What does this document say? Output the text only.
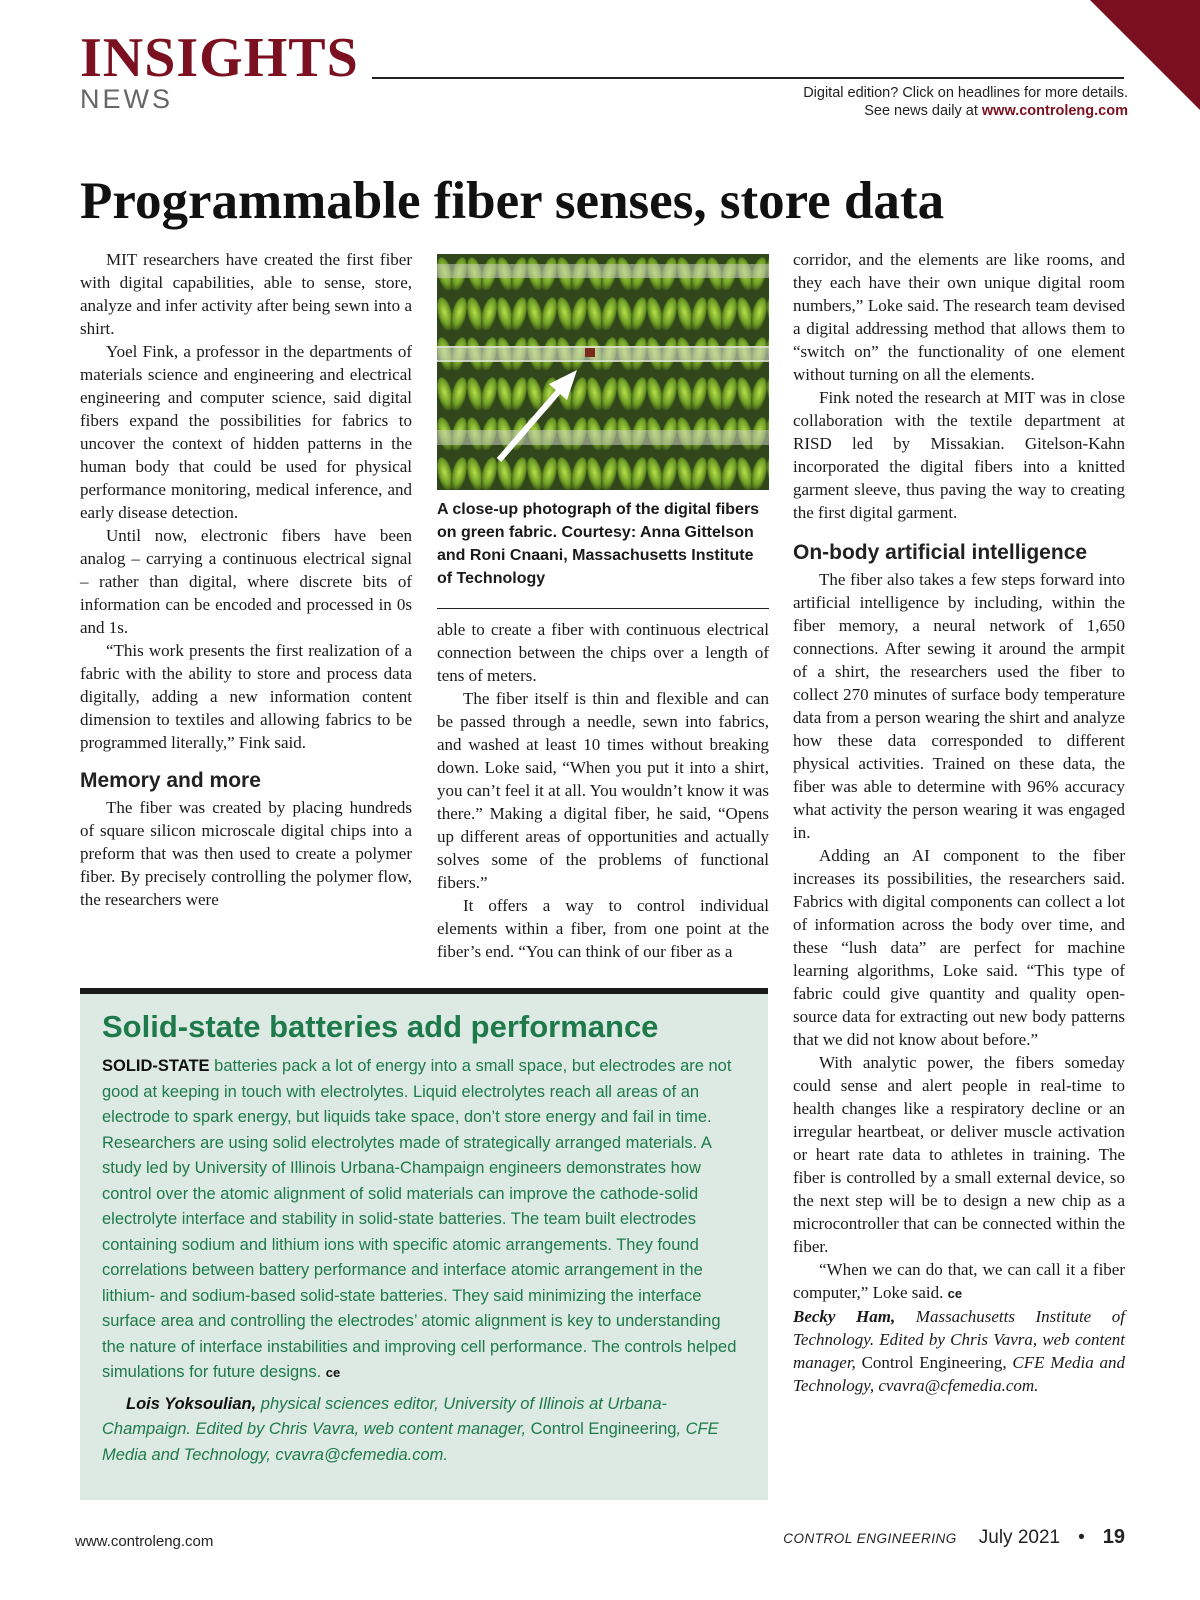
INSIGHTS
NEWS	Digital edition? Click on headlines for more details.
See news daily at www.controleng.com
Programmable fiber senses, store data

MIT researchers have created the first fiber with digital capabilities, able to sense, store, analyze and infer activity after being sewn into a shirt.

Yoel Fink, a professor in the departments of materials science and engineering and electrical engineering and computer science, said digital fibers expand the possibilities for fabrics to uncover the context of hidden patterns in the human body that could be used for physical performance monitoring, medical inference, and early disease detection.

Until now, electronic fibers have been analog – carrying a continuous electrical signal – rather than digital, where discrete bits of information can be encoded and processed in 0s and 1s.

“This work presents the first realization of a fabric with the ability to store and process data digitally, adding a new information content dimension to textiles and allowing fabrics to be programmed literally,” Fink said.

Memory and more

The fiber was created by placing hundreds of square silicon microscale digital chips into a preform that was then used to create a polymer fiber. By precisely controlling the polymer flow, the researchers were

A close-up photograph of the digital fibers on green fabric. Courtesy: Anna Gittelson and Roni Cnaani, Massachusetts Institute of Technology

able to create a fiber with continuous electrical connection between the chips over a length of tens of meters.

The fiber itself is thin and flexible and can be passed through a needle, sewn into fabrics, and washed at least 10 times without breaking down. Loke said, “When you put it into a shirt, you can’t feel it at all. You wouldn’t know it was there.” Making a digital fiber, he said, “Opens up different areas of opportunities and actually solves some of the problems of functional fibers.”

It offers a way to control individual elements within a fiber, from one point at the fiber’s end. “You can think of our fiber as a

corridor, and the elements are like rooms, and they each have their own unique digital room numbers,” Loke said. The research team devised a digital addressing method that allows them to “switch on” the functionality of one element without turning on all the elements.

Fink noted the research at MIT was in close collaboration with the textile department at RISD led by Missakian. Gitelson-Kahn incorporated the digital fibers into a knitted garment sleeve, thus paving the way to creating the first digital garment.

On-body artificial intelligence

The fiber also takes a few steps forward into artificial intelligence by including, within the fiber memory, a neural network of 1,650 connections. After sewing it around the armpit of a shirt, the researchers used the fiber to collect 270 minutes of surface body temperature data from a person wearing the shirt and analyze how these data corresponded to different physical activities. Trained on these data, the fiber was able to determine with 96% accuracy what activity the person wearing it was engaged in.

Adding an AI component to the fiber increases its possibilities, the researchers said. Fabrics with digital components can collect a lot of information across the body over time, and these “lush data” are perfect for machine learning algorithms, Loke said. “This type of fabric could give quantity and quality open-source data for extracting out new body patterns that we did not know about before.”

With analytic power, the fibers someday could sense and alert people in real-time to health changes like a respiratory decline or an irregular heartbeat, or deliver muscle activation or heart rate data to athletes in training. The fiber is controlled by a small external device, so the next step will be to design a new chip as a microcontroller that can be connected within the fiber.

“When we can do that, we can call it a fiber computer,” Loke said. ce

Becky Ham, Massachusetts Institute of Technology. Edited by Chris Vavra, web content manager, Control Engineering, CFE Media and Technology, cvavra@cfemedia.com.

Solid-state batteries add performance

SOLID-STATE batteries pack a lot of energy into a small space, but electrodes are not good at keeping in touch with electrolytes. Liquid electrolytes reach all areas of an electrode to spark energy, but liquids take space, don’t store energy and fail in time. Researchers are using solid electrolytes made of strategically arranged materials. A study led by University of Illinois Urbana-Champaign engineers demonstrates how control over the atomic alignment of solid materials can improve the cathode-solid electrolyte interface and stability in solid-state batteries. The team built electrodes containing sodium and lithium ions with specific atomic arrangements. They found correlations between battery performance and interface atomic arrangement in the lithium- and sodium-based solid-state batteries. They said minimizing the interface surface area and controlling the electrodes’ atomic alignment is key to understanding the nature of interface instabilities and improving cell performance. The controls helped simulations for future designs. ce

Lois Yoksoulian, physical sciences editor, University of Illinois at Urbana-Champaign. Edited by Chris Vavra, web content manager, Control Engineering, CFE Media and Technology, cvavra@cfemedia.com.

www.controleng.com	CONTROL ENGINEERING July 2021 • 19
